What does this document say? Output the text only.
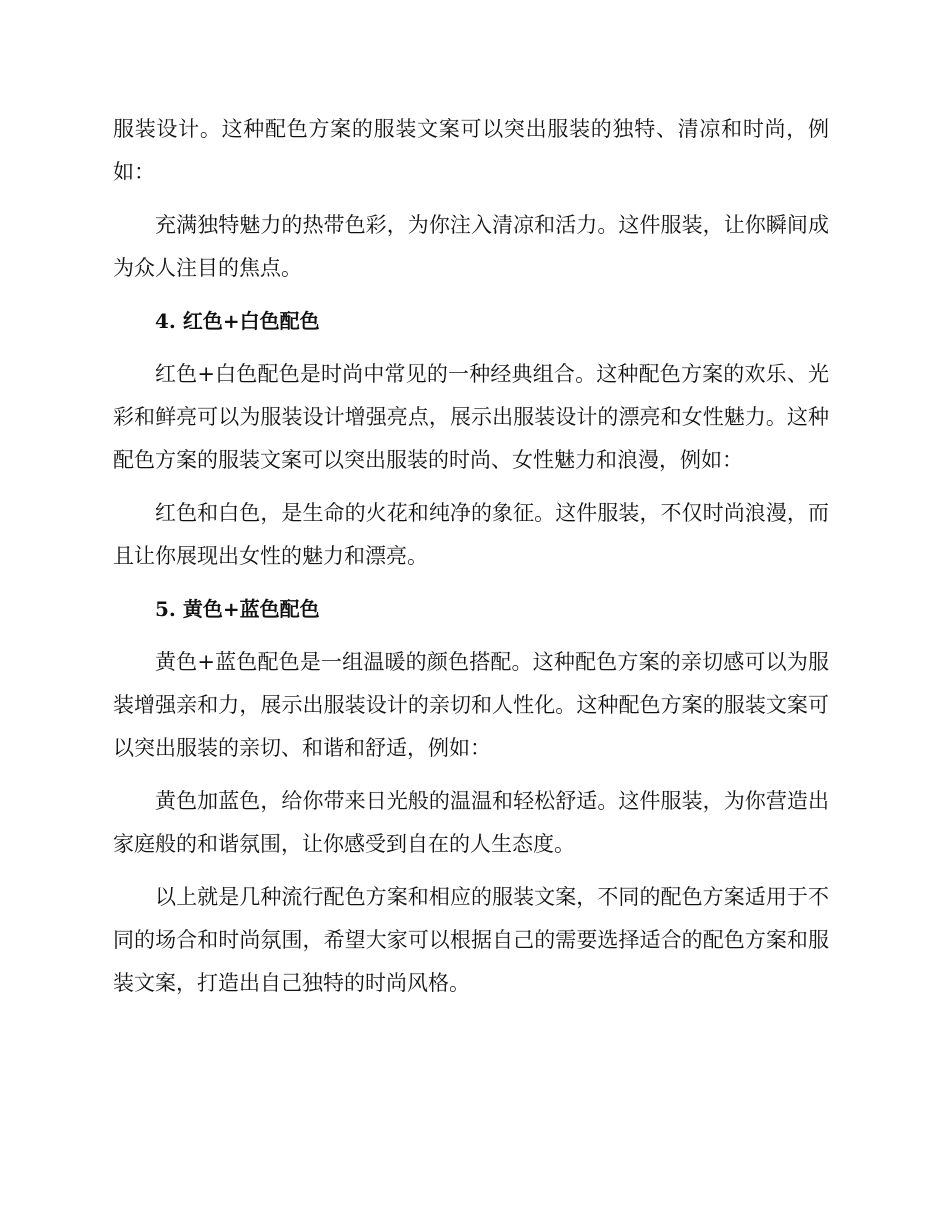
服装设计。这种配色方案的服装文案可以突出服装的独特、清凉和时尚，例如：

充满独特魅力的热带色彩，为你注入清凉和活力。这件服装，让你瞬间成为众人注目的焦点。

4. 红色+白色配色

红色+白色配色是时尚中常见的一种经典组合。这种配色方案的欢乐、光彩和鲜亮可以为服装设计增强亮点，展示出服装设计的漂亮和女性魅力。这种配色方案的服装文案可以突出服装的时尚、女性魅力和浪漫，例如：

红色和白色，是生命的火花和纯净的象征。这件服装，不仅时尚浪漫，而且让你展现出女性的魅力和漂亮。

5. 黄色+蓝色配色

黄色+蓝色配色是一组温暖的颜色搭配。这种配色方案的亲切感可以为服装增强亲和力，展示出服装设计的亲切和人性化。这种配色方案的服装文案可以突出服装的亲切、和谐和舒适，例如：

黄色加蓝色，给你带来日光般的温温和轻松舒适。这件服装，为你营造出家庭般的和谐氛围，让你感受到自在的人生态度。

以上就是几种流行配色方案和相应的服装文案，不同的配色方案适用于不同的场合和时尚氛围，希望大家可以根据自己的需要选择适合的配色方案和服装文案，打造出自己独特的时尚风格。
